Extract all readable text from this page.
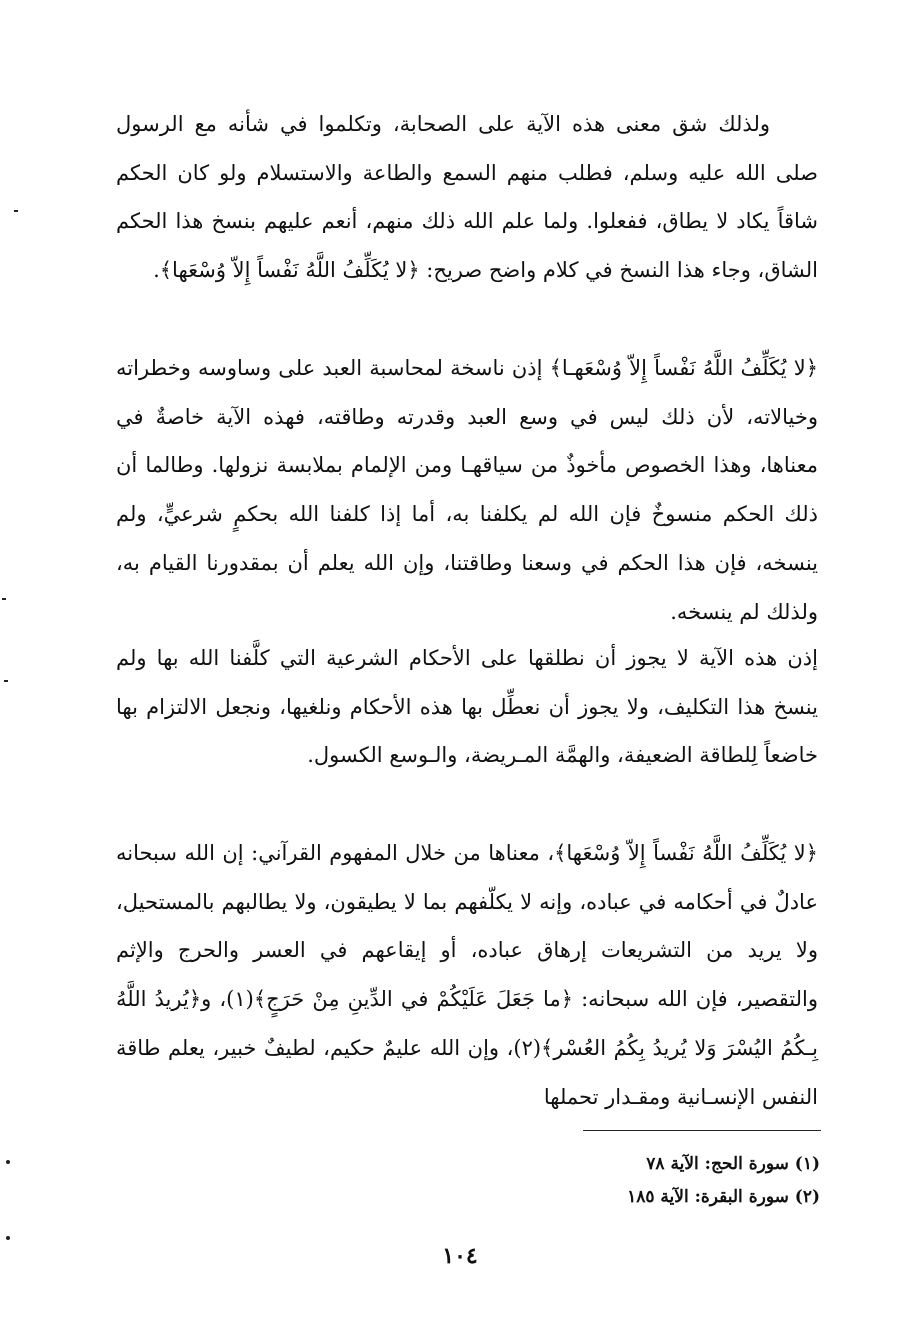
ولذلك شق معنى هذه الآية على الصحابة، وتكلموا في شأنه مع الرسول صلى الله عليه وسلم، فطلب منهم السمع والطاعة والاستسلام ولو كان الحكم شاقاً يكاد لا يطاق، ففعلوا. ولما علم الله ذلك منهم، أنعم عليهم بنسخ هذا الحكم الشاق، وجاء هذا النسخ في كلام واضح صريح: ﴿لا يُكَلِّفُ اللَّهُ نَفْساً إِلاّ وُسْعَها﴾.

﴿لا يُكَلِّفُ اللَّهُ نَفْساً إِلاّ وُسْعَهـا﴾ إذن ناسخة لمحاسبة العبد على وساوسه وخطراته وخيالاته، لأن ذلك ليس في وسع العبد وقدرته وطاقته، فهذه الآية خاصةٌ في معناها، وهذا الخصوص مأخوذٌ من سياقهـا ومن الإلمام بملابسة نزولها. وطالما أن ذلك الحكم منسوخٌ فإن الله لم يكلفنا به، أما إذا كلفنا الله بحكمٍ شرعيٍّ، ولم ينسخه، فإن هذا الحكم في وسعنا وطاقتنا، وإن الله يعلم أن بمقدورنا القيام به، ولذلك لم ينسخه.

إذن هذه الآية لا يجوز أن نطلقها على الأحكام الشرعية التي كلَّفنا الله بها ولم ينسخ هذا التكليف، ولا يجوز أن نعطِّل بها هذه الأحكام ونلغيها، ونجعل الالتزام بها خاضعاً لِلطاقة الضعيفة، والهمَّة المـريضة، والـوسع الكسول.

﴿لا يُكَلِّفُ اللَّهُ نَفْساً إِلاّ وُسْعَها﴾، معناها من خلال المفهوم القرآني: إن الله سبحانه عادلٌ في أحكامه في عباده، وإنه لا يكلّفهم بما لا يطيقون، ولا يطالبهم بالمستحيل، ولا يريد من التشريعات إرهاق عباده، أو إيقاعهم في العسر والحرج والإثم والتقصير، فإن الله سبحانه: ﴿ما جَعَلَ عَلَيْكُمْ في الدِّينِ مِنْ حَرَجٍ﴾(١)، و﴿يُريدُ اللَّهُ بِـكُمُ اليُسْرَ وَلا يُريدُ بِكُمُ العُسْر﴾(٢)، وإن الله عليمٌ حكيم، لطيفٌ خبير، يعلم طاقة النفس الإنسـانية ومقـدار تحملها

(١) سورة الحج: الآية ٧٨

(٢) سورة البقرة: الآية ١٨٥

١٠٤
